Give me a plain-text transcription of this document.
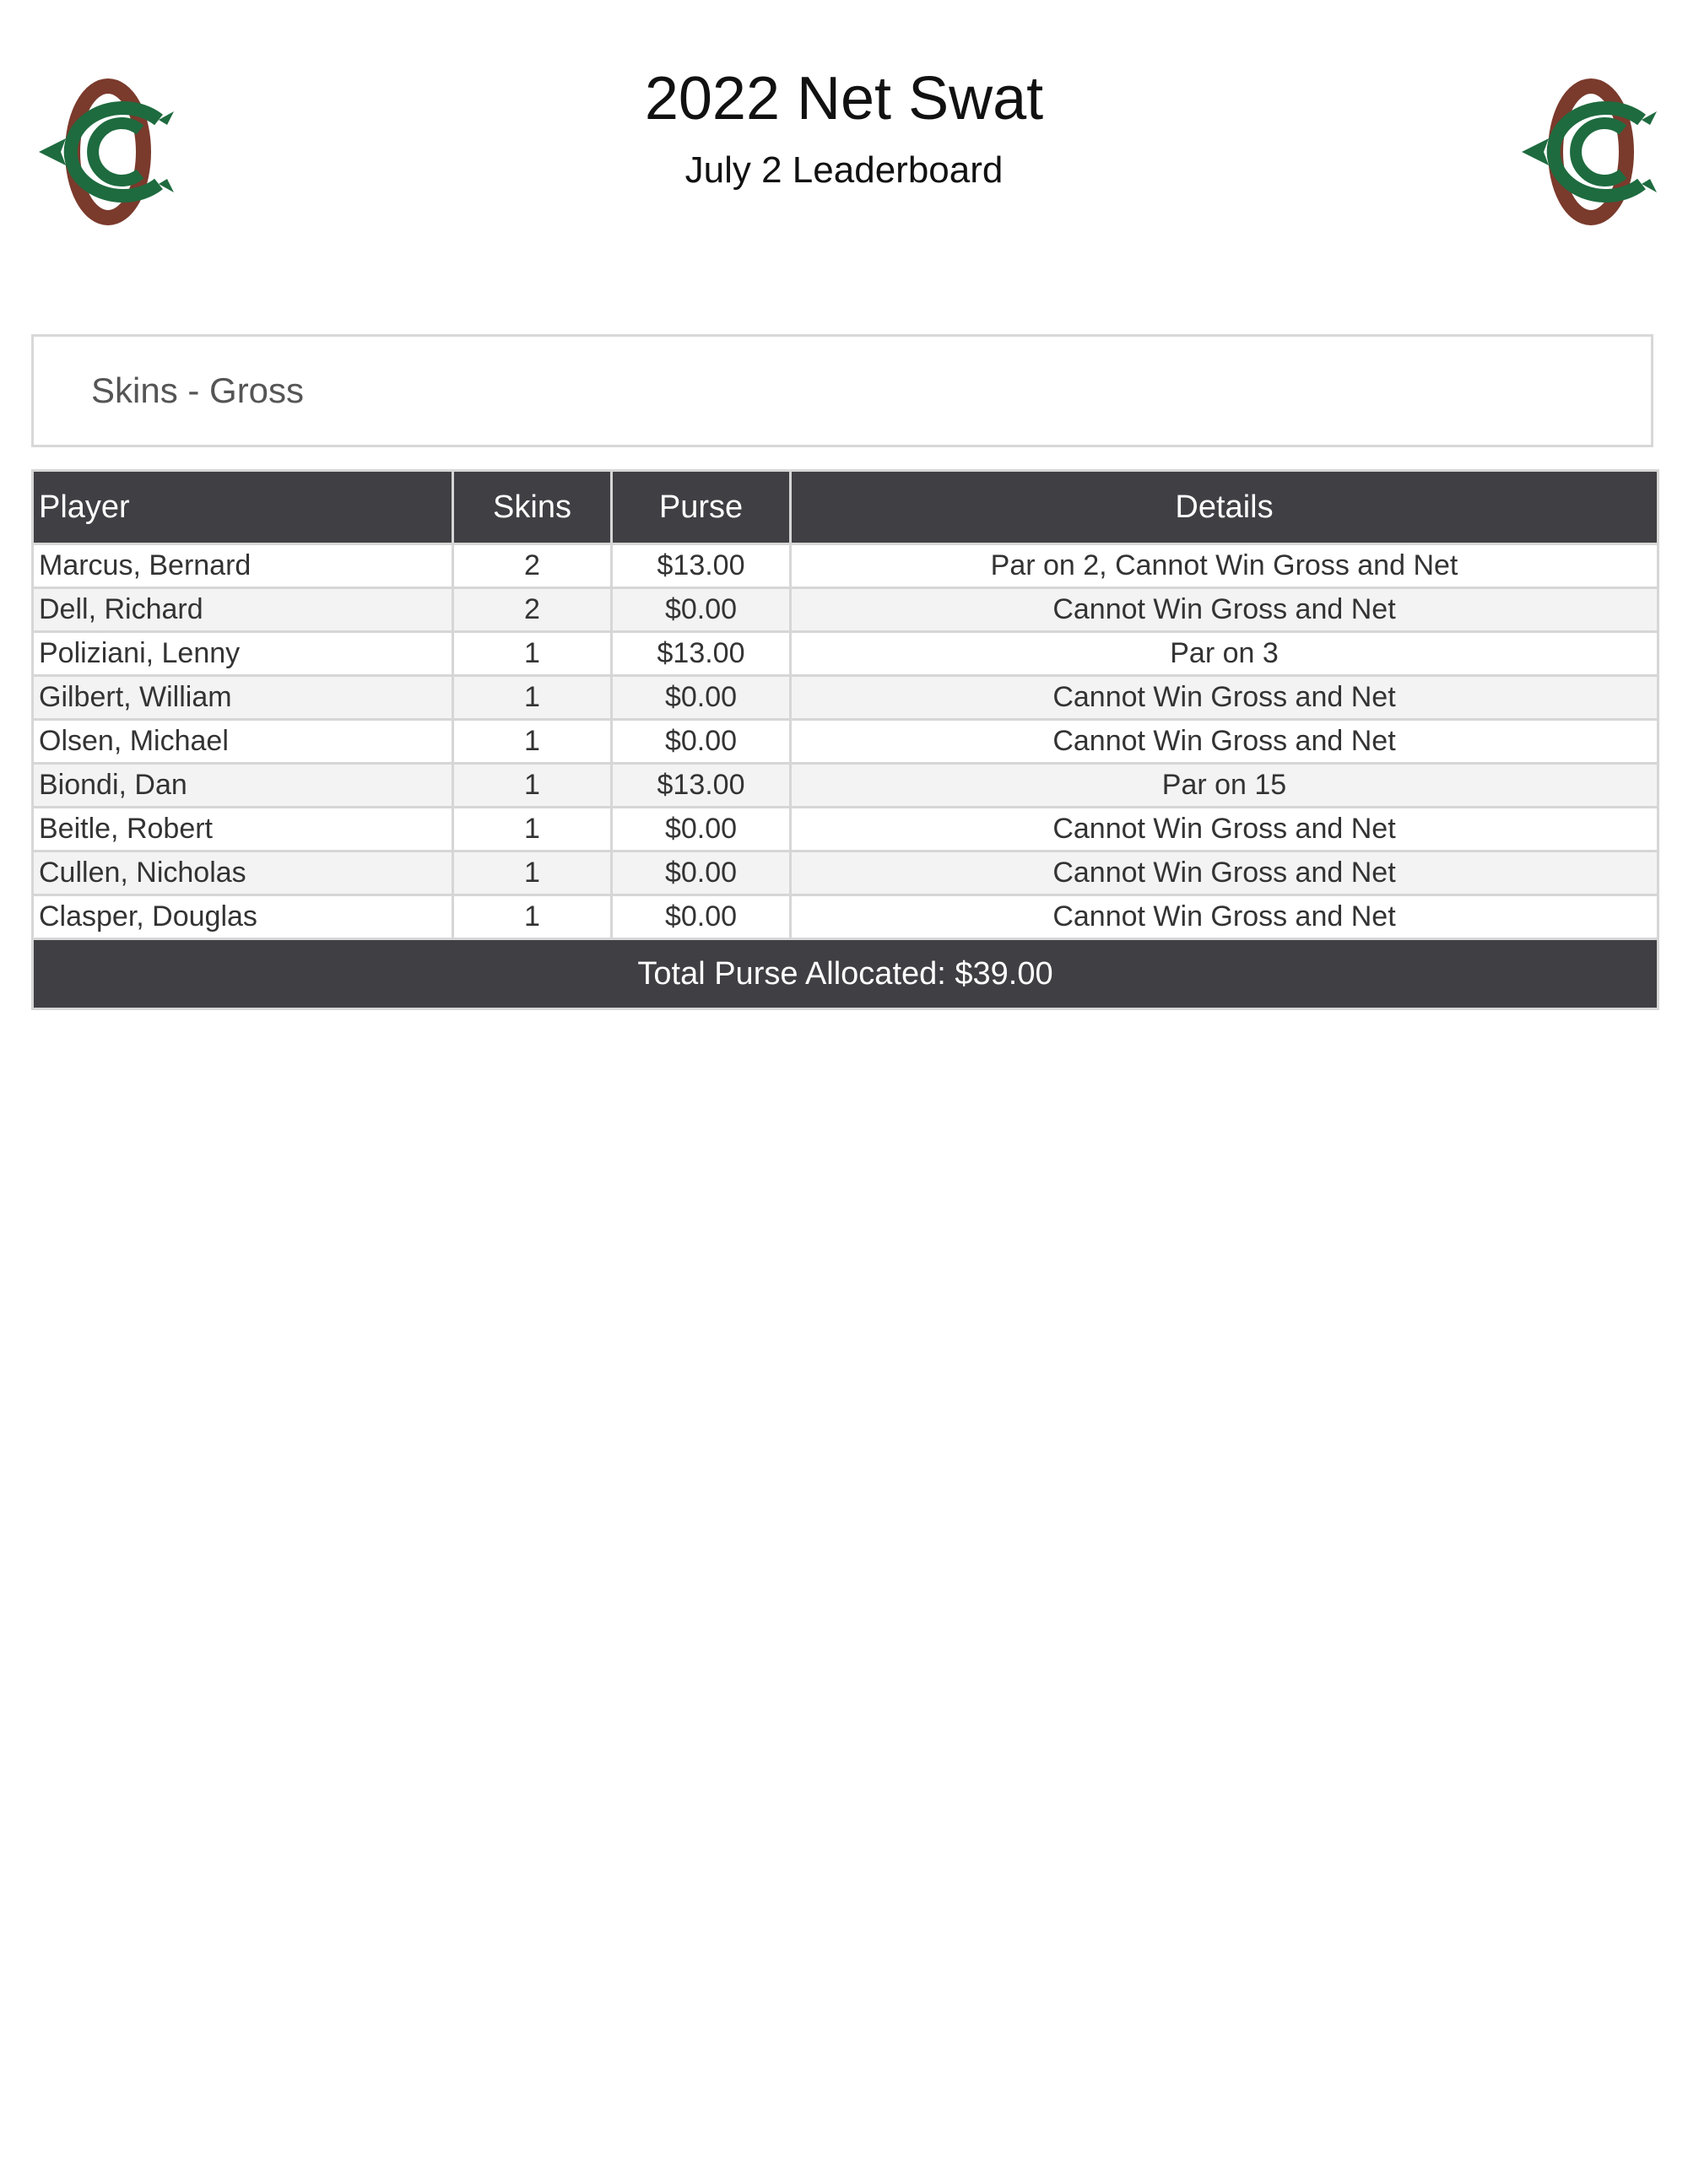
2022 Net Swat
July 2 Leaderboard
Skins - Gross
Player	Skins	Purse	Details
Marcus, Bernard	2	$13.00	Par on 2, Cannot Win Gross and Net
Dell, Richard	2	$0.00	Cannot Win Gross and Net
Poliziani, Lenny	1	$13.00	Par on 3
Gilbert, William	1	$0.00	Cannot Win Gross and Net
Olsen, Michael	1	$0.00	Cannot Win Gross and Net
Biondi, Dan	1	$13.00	Par on 15
Beitle, Robert	1	$0.00	Cannot Win Gross and Net
Cullen, Nicholas	1	$0.00	Cannot Win Gross and Net
Clasper, Douglas	1	$0.00	Cannot Win Gross and Net
Total Purse Allocated: $39.00			
